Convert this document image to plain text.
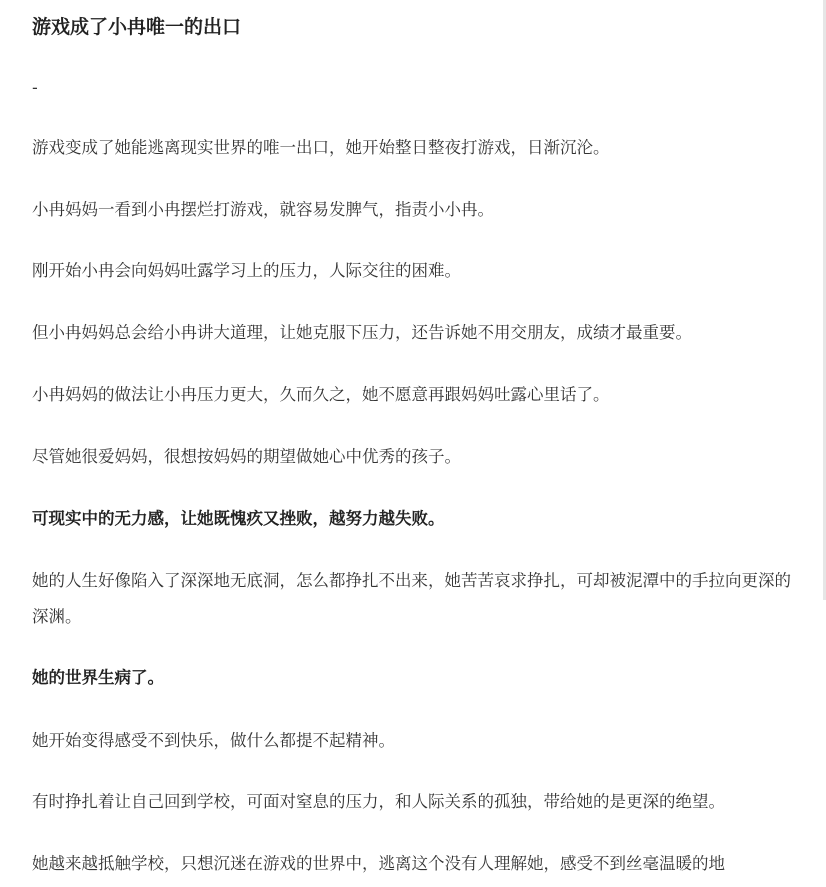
游戏成了小冉唯一的出口

-

游戏变成了她能逃离现实世界的唯一出口，她开始整日整夜打游戏，日渐沉沦。

小冉妈妈一看到小冉摆烂打游戏，就容易发脾气，指责小小冉。

刚开始小冉会向妈妈吐露学习上的压力，人际交往的困难。

但小冉妈妈总会给小冉讲大道理，让她克服下压力，还告诉她不用交朋友，成绩才最重要。

小冉妈妈的做法让小冉压力更大，久而久之，她不愿意再跟妈妈吐露心里话了。

尽管她很爱妈妈，很想按妈妈的期望做她心中优秀的孩子。

可现实中的无力感，让她既愧疚又挫败，越努力越失败。

她的人生好像陷入了深深地无底洞，怎么都挣扎不出来，她苦苦哀求挣扎，可却被泥潭中的手拉向更深的深渊。

她的世界生病了。

她开始变得感受不到快乐，做什么都提不起精神。

有时挣扎着让自己回到学校，可面对窒息的压力，和人际关系的孤独，带给她的是更深的绝望。

她越来越抵触学校，只想沉迷在游戏的世界中，逃离这个没有人理解她，感受不到丝毫温暖的地
